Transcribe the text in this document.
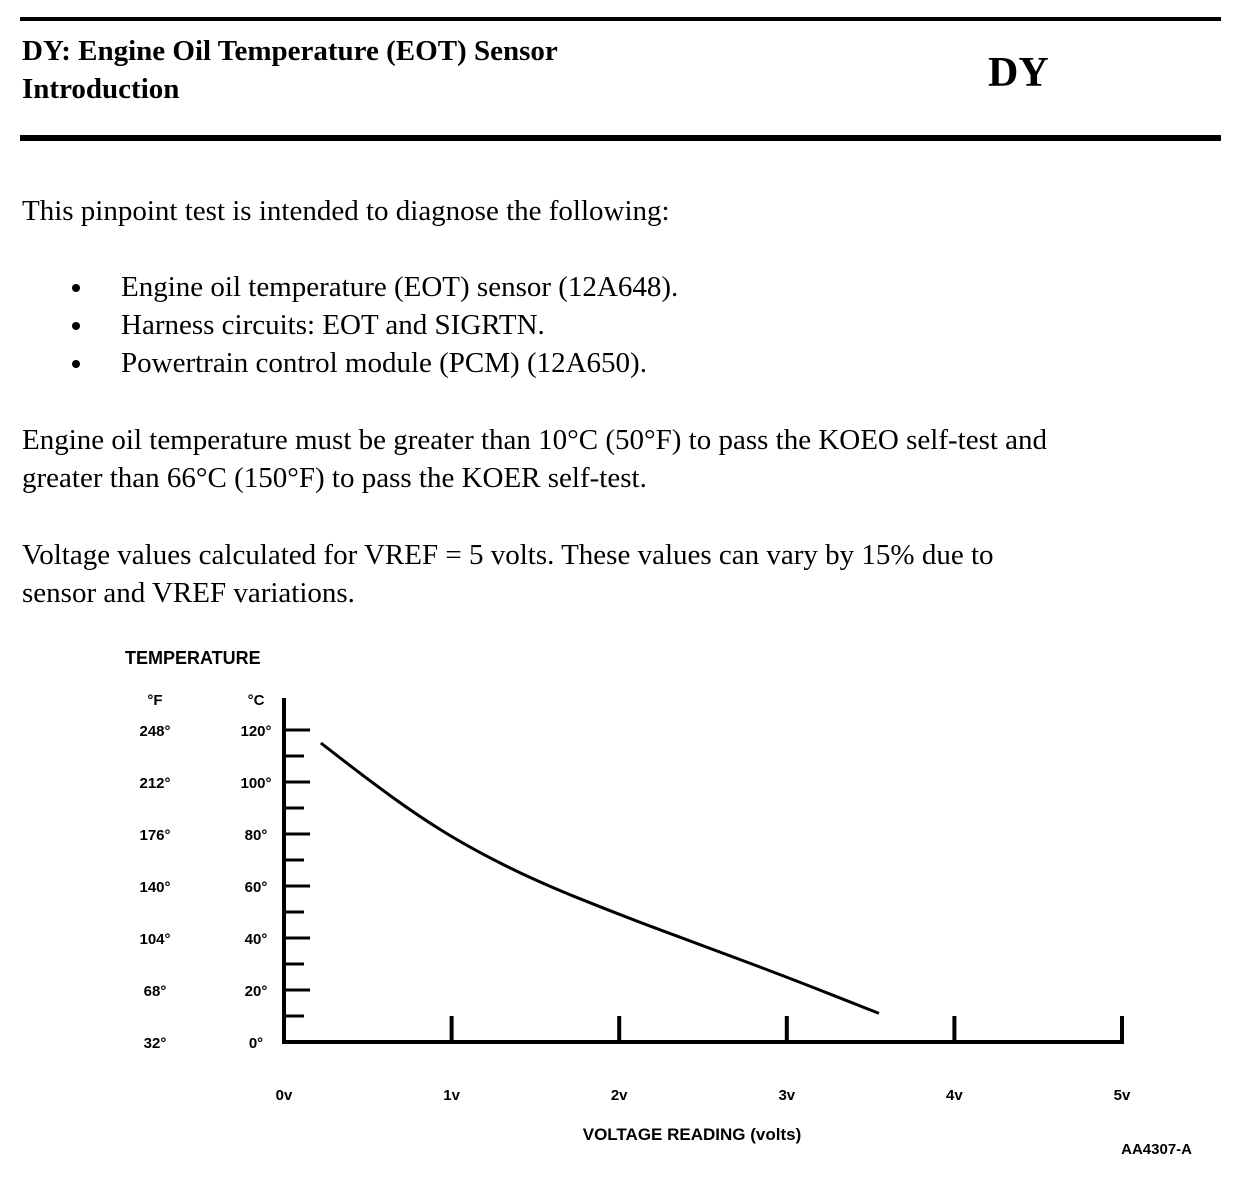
DY: Engine Oil Temperature (EOT) Sensor
Introduction	DY

This pinpoint test is intended to diagnose the following:

Engine oil temperature (EOT) sensor (12A648).
Harness circuits: EOT and SIGRTN.
Powertrain control module (PCM) (12A650).
Engine oil temperature must be greater than 10°C (50°F) to pass the KOEO self-test and
greater than 66°C (150°F) to pass the KOER self-test.
Voltage values calculated for VREF = 5 volts. These values can vary by 15% due to
sensor and VREF variations.
TEMPERATURE
°F	°C
120°
248°
100°
212°
80°
176°
60°
140°
40°
104°
20°
68°
0°
32°
0v	1v	2v	3v	4v	5v
VOLTAGE READING (volts)
AA4307-A
